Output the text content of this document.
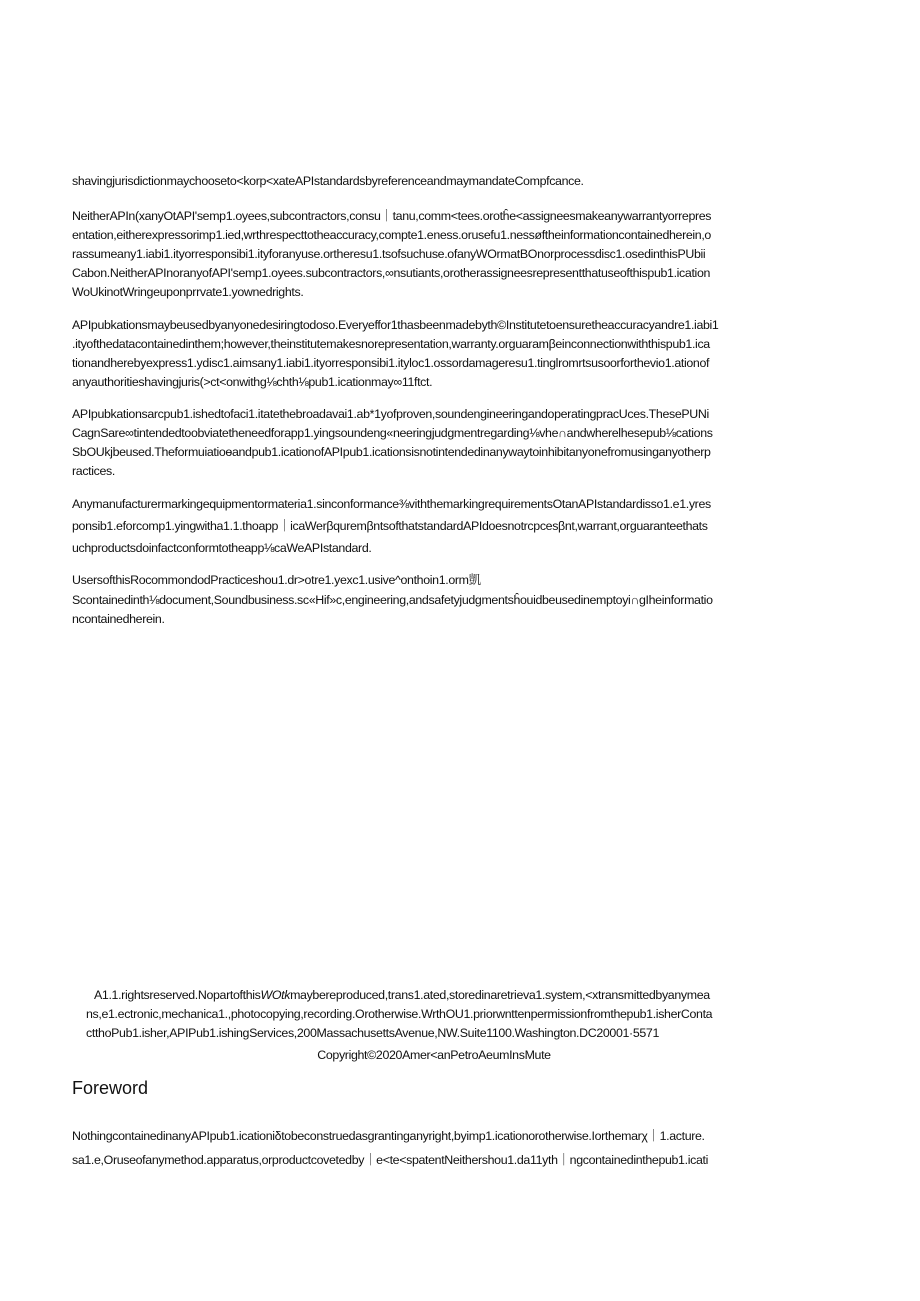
shavingjurisdictionmaychooseto<korp<xateAPIstandardsbyreferenceandmaymandateCompfcance.
NeitherAPIn(xanyOtAPI'semp1.oyees,subcontractors,consu｜tanu,comm<tees.orotĥe<assigneesmakeanywarrantyorrepres
entation,eitherexpressorimp1.ied,wrthrespecttotheaccuracy,compte1.eness.orusefu1.nessøftheinformationcontainedherein,o
rassumeany1.iabi1.ityorresponsibi1.ityforanyuse.ortheresu1.tsofsuchuse.ofanyWOrmatBOnorprocessdisc1.osedinthisPUbii
Cabon.NeitherAPInoranyofAPI'semp1.oyees.subcontractors,∞nsutiants,orotherassigneesrepresentthatuseofthispub1.ication
WoUkinotWringeuponprrvate1.yownedrights.
APIpubkationsmaybeusedbyanyonedesiringtodoso.Everyeffor1thasbeenmadebyth©Institutetoensuretheaccuracyandre1.iabi1
.ityofthedatacontainedinthem;however,theinstitutemakesnorepresentation,warranty.orguaramβeinconnectionwiththispub1.ica
tionandherebyexpress1.ydisc1.aimsany1.iabi1.ityorresponsibi1.ityloc1.ossordamageresu1.tinglromrtsusoorforthevio1.ationof
anyauthoritieshavingjuris(>ct<onwithg⅛chth⅛pub1.icationmay∞11ftct.
APIpubkationsarcpub1.ishedtofaci1.itatethebroadavai1.ab*1yofproven,soundengineeringandoperatingpracUces.ThesePUNi
CagnSare∞tintendedtoobviatetheneedforapp1.yingsoundeng«neeringjudgmentregarding⅛vhe∩andwherelhesepub⅛cations
SbOUkjbeused.Theformuiatioɵandpub1.icationofAPIpub1.icationsisnotintendedinanywaytoinhibitanyonefromusinganyotherp
ractices.
Anymanufacturermarkingequipmentormateria1.sinconformance⅜viththemarkingrequirementsOtanAPIstandardisso1.e1.yres
ponsib1.eforcomp1.yingwitha1.1.thoapp｜icaWerβquremβntsofthatstandardAPIdoesnotrcpcesβnt,warrant,orguaranteethats
uchproductsdoinfactconformtotheapp⅛caWeAPIstandard.
UsersofthisRocommondodPracticeshou1.dr>otre1.yexc1.usive^onthoin1.orm凱
Scontainedinth⅛document,Soundbusiness.sc«Hif»c,engineering,andsafetyjudgmentsĥouidbeusedinemptoyi∩gIheinformatio
ncontainedherein.
A1.1.rightsreserved.NopartofthisWOtkmaybereproduced,trans1.ated,storedinaretrieva1.system,<xtransmittedbyanymea
ns,e1.ectronic,mechanica1.,photocopying,recording.Orotherwise.WrthOU1.priorwnttenpermissionfromthepub1.isherConta
ctthoPub1.isher,APIPub1.ishingServices,200MassachusettsAvenue,NW.Suite1100.Washington.DC20001·5571
Copyright©2020Amer<anPetroAeumInsMute
Foreword
NothingcontainedinanyAPIpub1.icationiδtobeconstruedasgrantinganyright,byimp1.icationorotherwise.Iorthemarχ｜1.acture.
sa1.e,Oruseofanymethod.apparatus,orproductcovetedby｜e<te<spatentNeithershou1.da11yth｜ngcontainedinthepub1.icati
